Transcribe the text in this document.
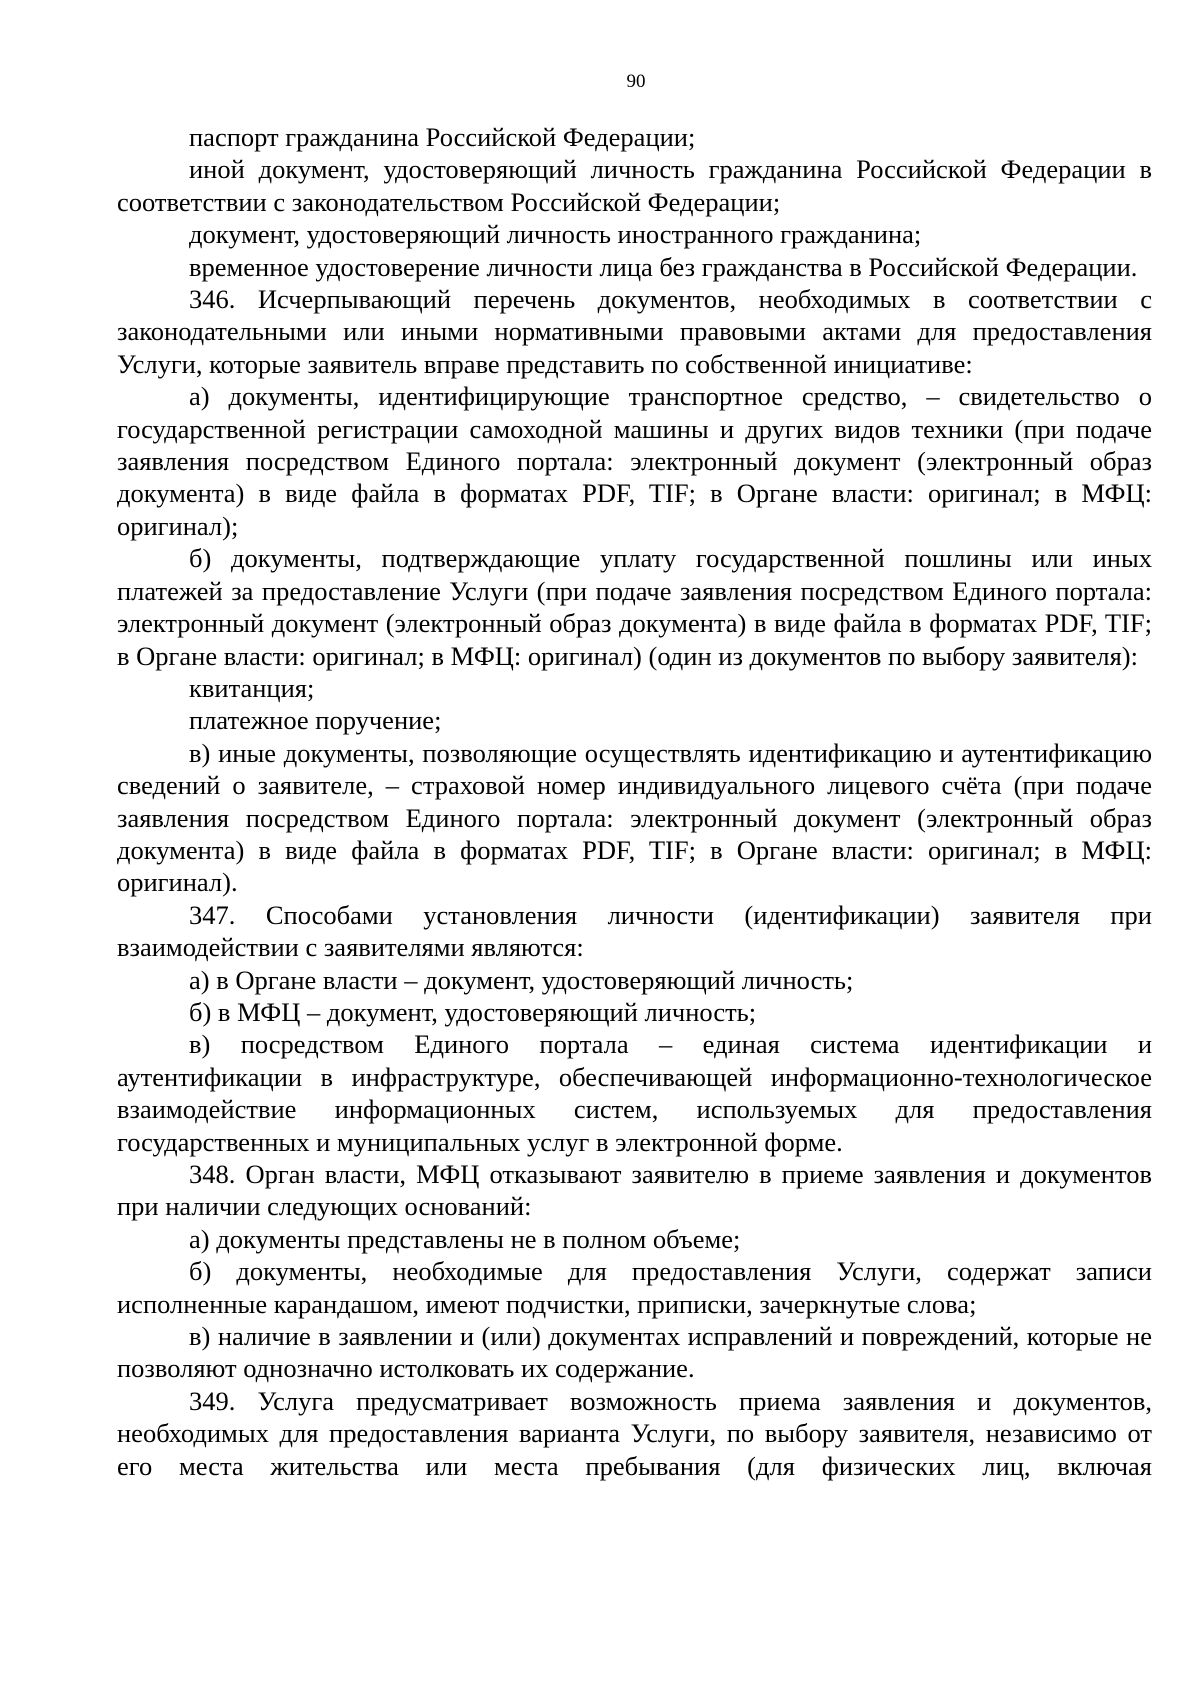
90

паспорт гражданина Российской Федерации;

иной документ, удостоверяющий личность гражданина Российской Федерации в соответствии с законодательством Российской Федерации;

документ, удостоверяющий личность иностранного гражданина;

временное удостоверение личности лица без гражданства в Российской Федерации.

346. Исчерпывающий перечень документов, необходимых в соответствии с законодательными или иными нормативными правовыми актами для предоставления Услуги, которые заявитель вправе представить по собственной инициативе:

а) документы, идентифицирующие транспортное средство, – свидетельство о государственной регистрации самоходной машины и других видов техники (при подаче заявления посредством Единого портала: электронный документ (электронный образ документа) в виде файла в форматах PDF, TIF; в Органе власти: оригинал; в МФЦ: оригинал);

б) документы, подтверждающие уплату государственной пошлины или иных платежей за предоставление Услуги (при подаче заявления посредством Единого портала: электронный документ (электронный образ документа) в виде файла в форматах PDF, TIF; в Органе власти: оригинал; в МФЦ: оригинал) (один из документов по выбору заявителя):

квитанция;

платежное поручение;

в) иные документы, позволяющие осуществлять идентификацию и аутентификацию сведений о заявителе, – страховой номер индивидуального лицевого счёта (при подаче заявления посредством Единого портала: электронный документ (электронный образ документа) в виде файла в форматах PDF, TIF; в Органе власти: оригинал; в МФЦ: оригинал).

347. Способами установления личности (идентификации) заявителя при взаимодействии с заявителями являются:

а) в Органе власти – документ, удостоверяющий личность;

б) в МФЦ – документ, удостоверяющий личность;

в) посредством Единого портала – единая система идентификации и аутентификации в инфраструктуре, обеспечивающей информационно-технологическое взаимодействие информационных систем, используемых для предоставления государственных и муниципальных услуг в электронной форме.

348. Орган власти, МФЦ отказывают заявителю в приеме заявления и документов при наличии следующих оснований:

а) документы представлены не в полном объеме;

б) документы, необходимые для предоставления Услуги, содержат записи исполненные карандашом, имеют подчистки, приписки, зачеркнутые слова;

в) наличие в заявлении и (или) документах исправлений и повреждений, которые не позволяют однозначно истолковать их содержание.

349. Услуга предусматривает возможность приема заявления и документов, необходимых для предоставления варианта Услуги, по выбору заявителя, независимо от его места жительства или места пребывания (для физических лиц, включая
